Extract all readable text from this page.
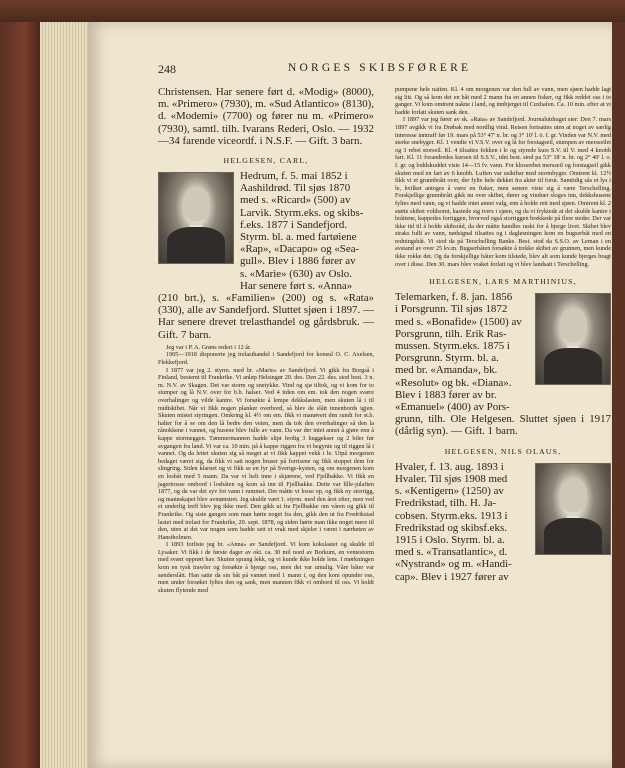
248	NORGES SKIBSFØRERE

Christensen. Har senere ført d. «Modig» (8000), m. «Primero» (7930), m. «Sud Atlantico» (8130), d. «Modemi» (7700) og fører nu m. «Primero» (7930), samtl. tilh. Ivarans Rederi, Oslo. — 1932—34 farende viceordf. i N.S.F. — Gift. 3 barn.

HELGESEN, CARL,
Hedrum, f. 5. mai 1852 i
Aashildrød. Til sjøs 1870
med s. «Ricard» (500) av
Larvik. Styrm.eks. og skibs-
f.eks. 1877 i Sandefjord.
Styrm. bl. a. med fartøiene
«Rap», «Dacapo» og «Sea-
gull». Blev i 1886 fører av
s. «Marie» (630) av Oslo.
Har senere ført s. «Anna»

(210 brt.), s. «Familien» (200) og s. «Rata» (330), alle av Sandefjord. Sluttet sjøen i 1897. — Har senere drevet trelasthandel og gårdsbruk. — Gift. 7 barn.

Jeg var i P. A. Grøns rederi i 12 år.

1905—1918 disponerte jeg trelasthandel i Sandefjord for konsul O. C. Axelsen, Flekkefjord.

I 1877 var jeg 2. styrm. med br. «Marie» av Sandefjord. Vi gikk fra Borgså i Finland, bestemt til Frankrike. Vi anløp Helsingør 20. des. Den 22. des. stod best. 3 n. m. N.V. av Skagen. Det var storm og snetykke. Vind og sjø tiltok, og vi kom for to stumper og lå N.V. over for b.b. halser. Ved 4 tiden om em. tok den nogen svære overhalinger og vilde kantre. Vi forsøkte å lempe dekkslasten, men skuten lå i til midtskibet. Når vi fikk nogen planker overbord, så blev de slått innenbords igjen. Skuten mistet styringen. Omkring kl. 4½ om em. fikk vi manøvert den rundt for st.b. halter for å se om den lå bedre den veien, men da tok den overhalinger så den la rånokkene i vannet, og husene blev fulle av vann. Da var der intet annet å gjøre enn å kappe stormeggen. Tømmermannen hadde slipt ferdig 3 huggekser og 2 biler før avgangen fra land. Vi var ca. 10 min. på å kappe riggen fra vi begynte og til riggen lå i vannet. Og da lettet skuten sig så meget at vi fikk kappet vekk i le. Utpå morgenen bedaget været sig, da fikk vi satt nogen bruser på forrisene og fikk stoppet dem for slingring. Siden klarnet og vi fikk se en fyr på Sverige-kysten, og om morgenen kom en losbåt med 5 mann. Da var vi helt inne i skjærene, ved Fjellbakke. Vi fikk en jagertrosse ombord i losbåten og kom så inn til Fjellbakke. Dette var lille-julaften 1877, og da var det syv fot vann i rummet. Der måtte vi losse op, og fikk ny storrigg, og mannskapet blev avmønstret. Jeg skulde vært 1. styrm. med den året efter, men ved et underlig treff blev jeg ikke med. Den gikk ut fra Fjellbakke om våren og gikk til Frankrike. Og siste gangen som man hørte noget fra den, gikk den ut fra Fredrikstad lastet med trelast for Frankrike, 20. sept. 1878, og siden hørte man ikke noget mere til den, uten at det var nogen som hadde sett et vrak med skjeler i været i nærheten av Hanstholmen.

I 1893 forliste jeg br. «Anna» av Sandefjord. Vi kom kokslastet og skulde til Lysaker. Vi fikk i de første dager av okt. ca. 30 mil nord av Borkum, en ventestorm med svært opprørt hav. Skuten sprang lekk, og vi kunde ikke holde lens. I mørkningen kom en tysk trawler og forsøkte å bjerge oss, men det var umulig. Våre båter var sønderslått. Han satte da sin båt på vannet med 1 mann i, og den kom opunder oss, men under forsøket fyltes den og sank, men mannen fikk vi ombord til oss. Vi holdt skuten flytende med

pumpene hele natten. Kl. 4 om morgenen var den full av vann, men sjøen hadde lagt sig litt. Og så kom det en båt med 2 mann fra en annen fisker, og fikk reddet oss i to ganger. Vi kom omtrent nakne i land, og innbjerget til Cuxhafen. Ca. 10 min. efter at vi hadde forlatt skuten sank den.

I 1897 var jeg fører av sk. «Rata» av Sandefjord. Journalutdraget sier: Den 7. mars 1897 avgikk vi fra Drøbak med nordlig vind. Reisen fortsattes uten at noget av særlig interesse inntraff før 19. mars på 53° 47' n. br. og 3° 10' l. ö. f. gr. Vinden var N.V. med sterke snebyger. Kl. 1 vendte vi V.S.V. over og lå for forstagseil, stumpen av mersseilet og 3 rebet storseil. Kl. 4 tilsattes fokken i le og styrede kurs S.V. til V. med 4 knobb fart. Kl. 11 forandredes kursen til S.S.V., idet best. stod pa 53° 18' n. br. og 2° 40' l. o. f. gr. og loddskuddet viste 14—15 fv. vann. For klossrebet mersseil og forstagseil gikk skuten med en fart av 6 knobb. Luften var usiktbar med stormbyger. Omtrent kl. 12½ fikk vi et grunnbrått over, der fylte hele dekket fra akter til forut. Samtidig sås et lys i le, hvilket antoges å være en fisker, men senere viste sig å være Terschelling. Forskjellige grunnbrått gikk nu over skibet, dører og vinduer sloges inn, dekkshusene fyltes med vann, og vi hadde intet annet valg, enn å holde rett med sjøen. Omtrent kl. 2 støtte skibet voldsomt, kastede sig tvers i sjøen, og da vi fryktede at det skulde kantre i bråttene, kappedes forriggen, hvorved også storriggen brekkede på flere steder. Der var ikke tid til å holde skibsråd, da der måtte handles raskt for å bjerge livet. Skibet blev straks fullt av vann, nødsignal tilsattes og i dagløsningen kom en bugserbåt med en redningsbåt. Vi stod da på Terschelling Banke. Best. stod da S.S.O. av Leman i en avstand av over 25 kv.m. Bugserbåten forsøkte å trekke skibet av grunnen, men kunde ikke rokke det. Og da forskjellige båter kom tilstede, blev alt som kunde bjerges bragt over i disse. Den 30. mars blev vraket forlatt og vi blev landsatt i Terschelling.

HELGESEN, LARS MARTHINIUS,
Telemarken, f. 8. jan. 1856
i Porsgrunn. Til sjøs 1872
med s. «Bonafide» (1500) av
Porsgrunn, tilh. Erik Ras-
mussen. Styrm.eks. 1875 i
Porsgrunn. Styrm. bl. a.
med br. «Amanda», bk.
«Resolut» og bk. «Diana».
Blev i 1883 fører av br.
«Emanuel» (400) av Pors-

grunn, tilh. Ole Helgesen. Sluttet sjøen i 1917 (dårlig syn). — Gift. 1 barn.

HELGESEN, NILS OLAUS,
Hvaler, f. 13. aug. 1893 i
Hvaler. Til sjøs 1908 med
s. «Kentigern» (1250) av
Fredrikstad, tilh. H. Ja-
cobsen. Styrm.eks. 1913 i
Fredrikstad og skibsf.eks.
1915 i Oslo. Styrm. bl. a.
med s. «Transatlantic», d.
«Nystrand» og m. «Handi-
cap». Blev i 1927 fører av
